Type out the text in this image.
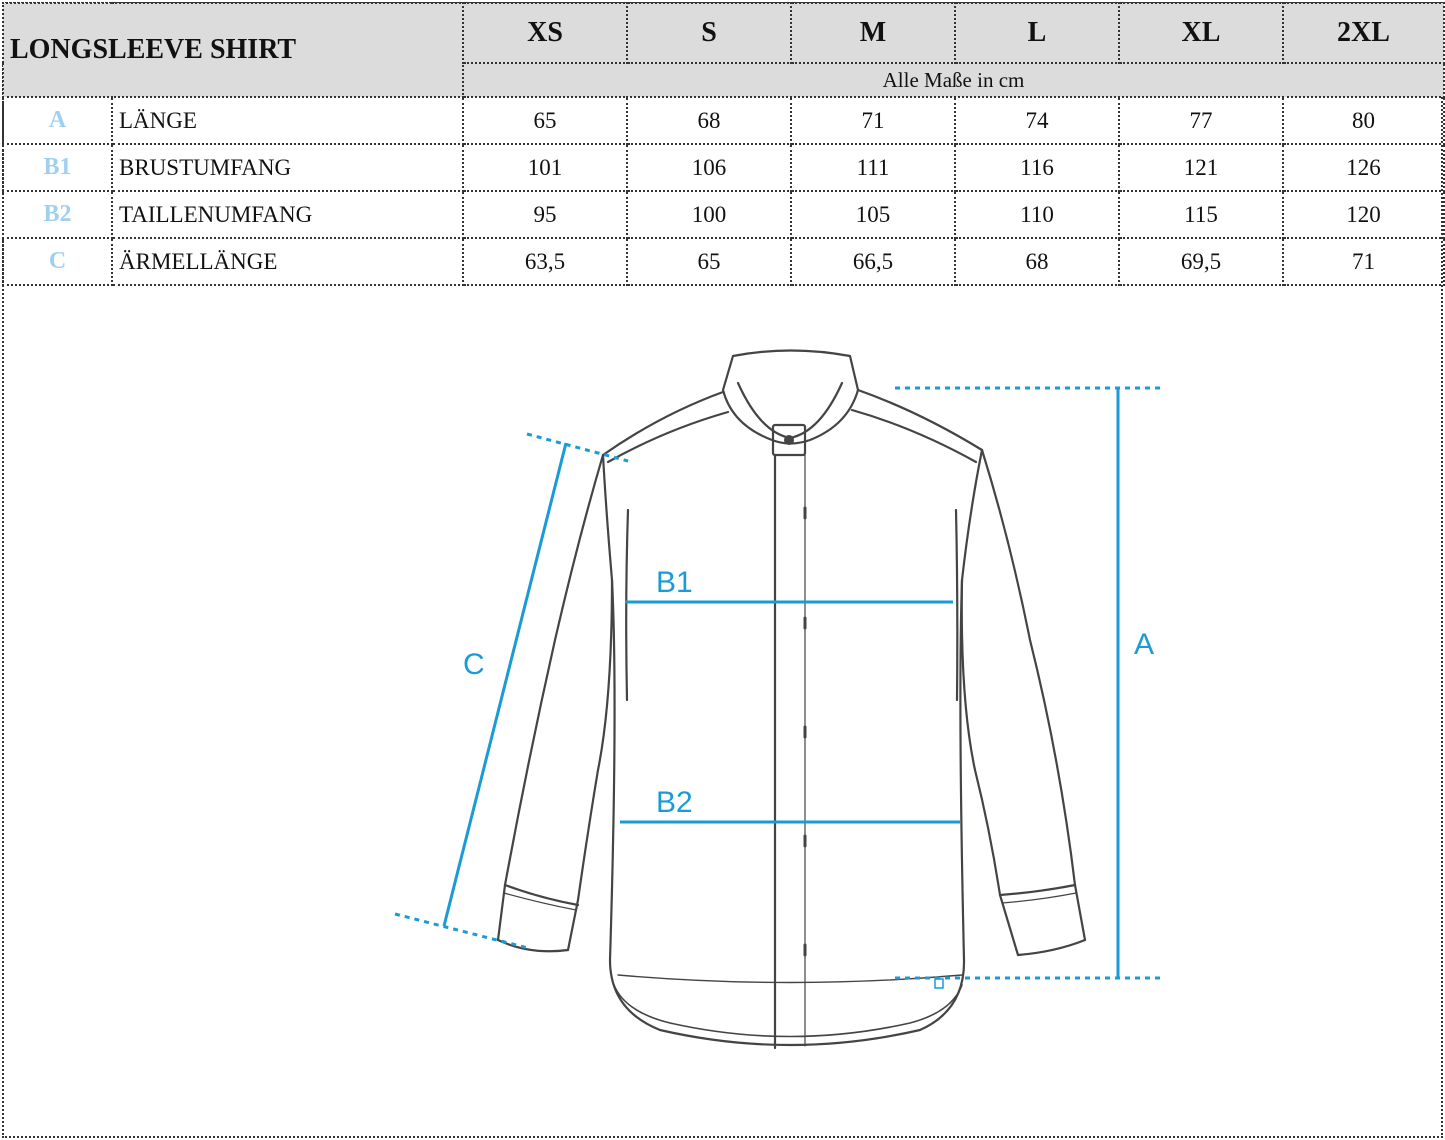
LONGSLEEVE SHIRT		XS	S	M	L	XL	2XL
		Alle Maße in cm					
A	LÄNGE	65	68	71	74	77	80
B1	BRUSTUMFANG	101	106	111	116	121	126
B2	TAILLENUMFANG	95	100	105	110	115	120
C	ÄRMELLÄNGE	63,5	65	66,5	68	69,5	71
A
B1
B2
C
